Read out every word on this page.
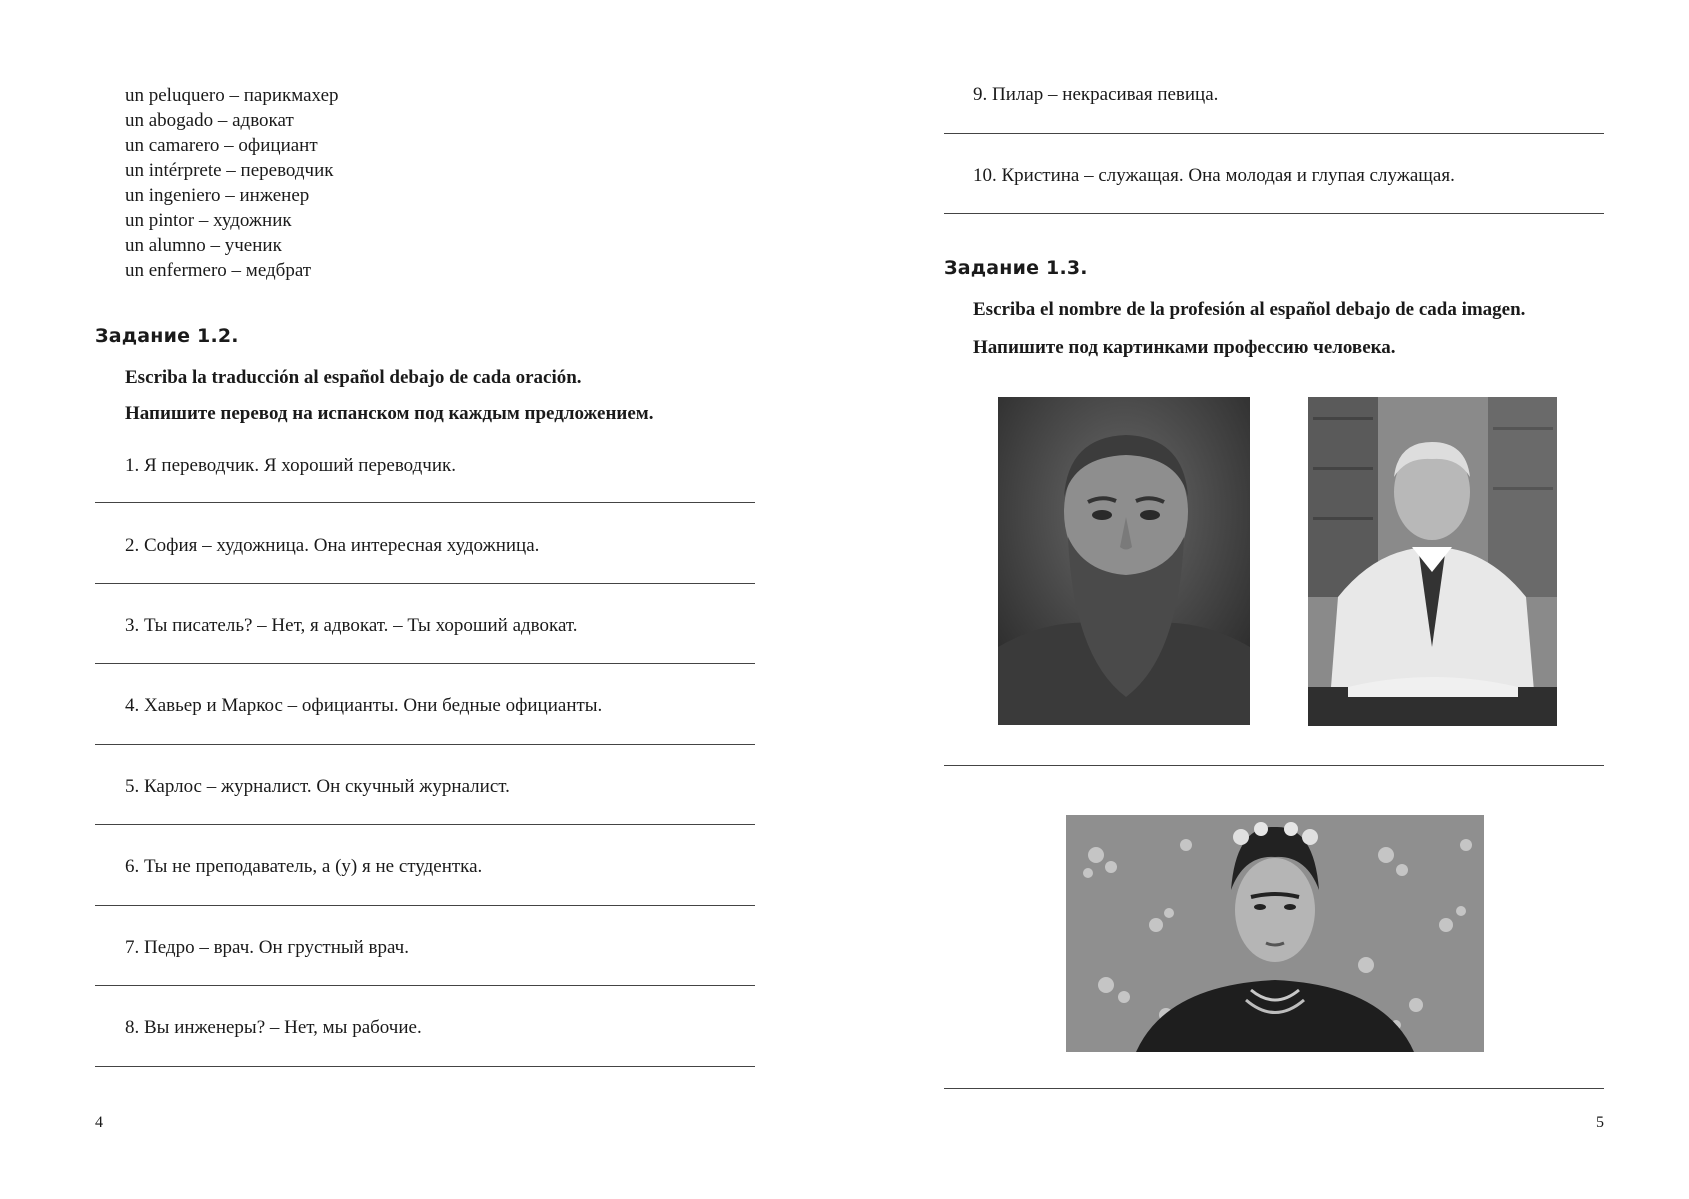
un peluquero – парикмахер
un abogado – адвокат
un camarero – официант
un intérprete – переводчик
un ingeniero – инженер
un pintor – художник
un alumno – ученик
un enfermero – медбрат
Задание 1.2.

Escriba la traducción al español debajo de cada oración.

Напишите перевод на испанском под каждым предложением.

1. Я переводчик. Я хороший переводчик.

2. София – художница. Она интересная художница.

3. Ты писатель? – Нет, я адвокат. – Ты хороший адвокат.

4. Хавьер и Маркос – официанты. Они бедные официанты.

5. Карлос – журналист. Он скучный журналист.

6. Ты не преподаватель, а (у) я не студентка.

7. Педро – врач. Он грустный врач.

8. Вы инженеры? – Нет, мы рабочие.

4

9. Пилар – некрасивая певица.

10. Кристина – служащая. Она молодая и глупая служащая.

Задание 1.3.

Escriba el nombre de la profesión al español debajo de cada imagen.

Напишите под картинками профессию человека.

5
